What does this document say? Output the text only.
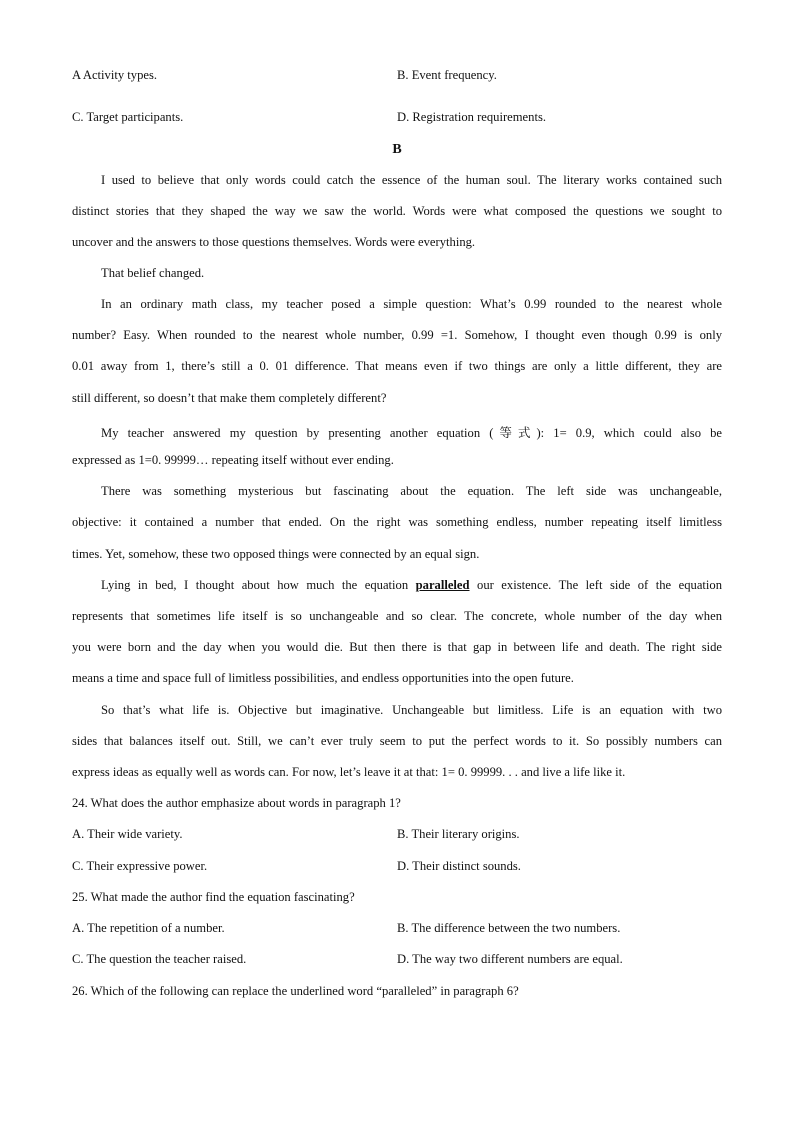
A Activity types.	B. Event frequency.
C. Target participants.	D. Registration requirements.
B
I used to believe that only words could catch the essence of the human soul. The literary works contained such
distinct stories that they shaped the way we saw the world. Words were what composed the questions we sought to
uncover and the answers to those questions themselves. Words were everything.
That belief changed.
In an ordinary math class, my teacher posed a simple question: What’s 0.99 rounded to the nearest whole
number? Easy. When rounded to the nearest whole number, 0.99 =1. Somehow, I thought even though 0.99 is only
0.01 away from 1, there’s still a 0. 01 difference. That means even if two things are only a little different, they are
still different, so doesn’t that make them completely different?
My teacher answered my question by presenting another equation (等式): 1= 0.9, which could also be
expressed as 1=0. 99999… repeating itself without ever ending.
There was something mysterious but fascinating about the equation. The left side was unchangeable,
objective: it contained a number that ended. On the right was something endless, number repeating itself limitless
times. Yet, somehow, these two opposed things were connected by an equal sign.
Lying in bed, I thought about how much the equation paralleled our existence. The left side of the equation
represents that sometimes life itself is so unchangeable and so clear. The concrete, whole number of the day when
you were born and the day when you would die. But then there is that gap in between life and death. The right side
means a time and space full of limitless possibilities, and endless opportunities into the open future.
So that’s what life is. Objective but imaginative. Unchangeable but limitless. Life is an equation with two
sides that balances itself out. Still, we can’t ever truly seem to put the perfect words to it. So possibly numbers can
express ideas as equally well as words can. For now, let’s leave it at that: 1= 0. 99999. . . and live a life like it.
24. What does the author emphasize about words in paragraph 1?
A. Their wide variety.	B. Their literary origins.
C. Their expressive power.	D. Their distinct sounds.
25. What made the author find the equation fascinating?
A. The repetition of a number.	B. The difference between the two numbers.
C. The question the teacher raised.	D. The way two different numbers are equal.
26. Which of the following can replace the underlined word “paralleled” in paragraph 6?
